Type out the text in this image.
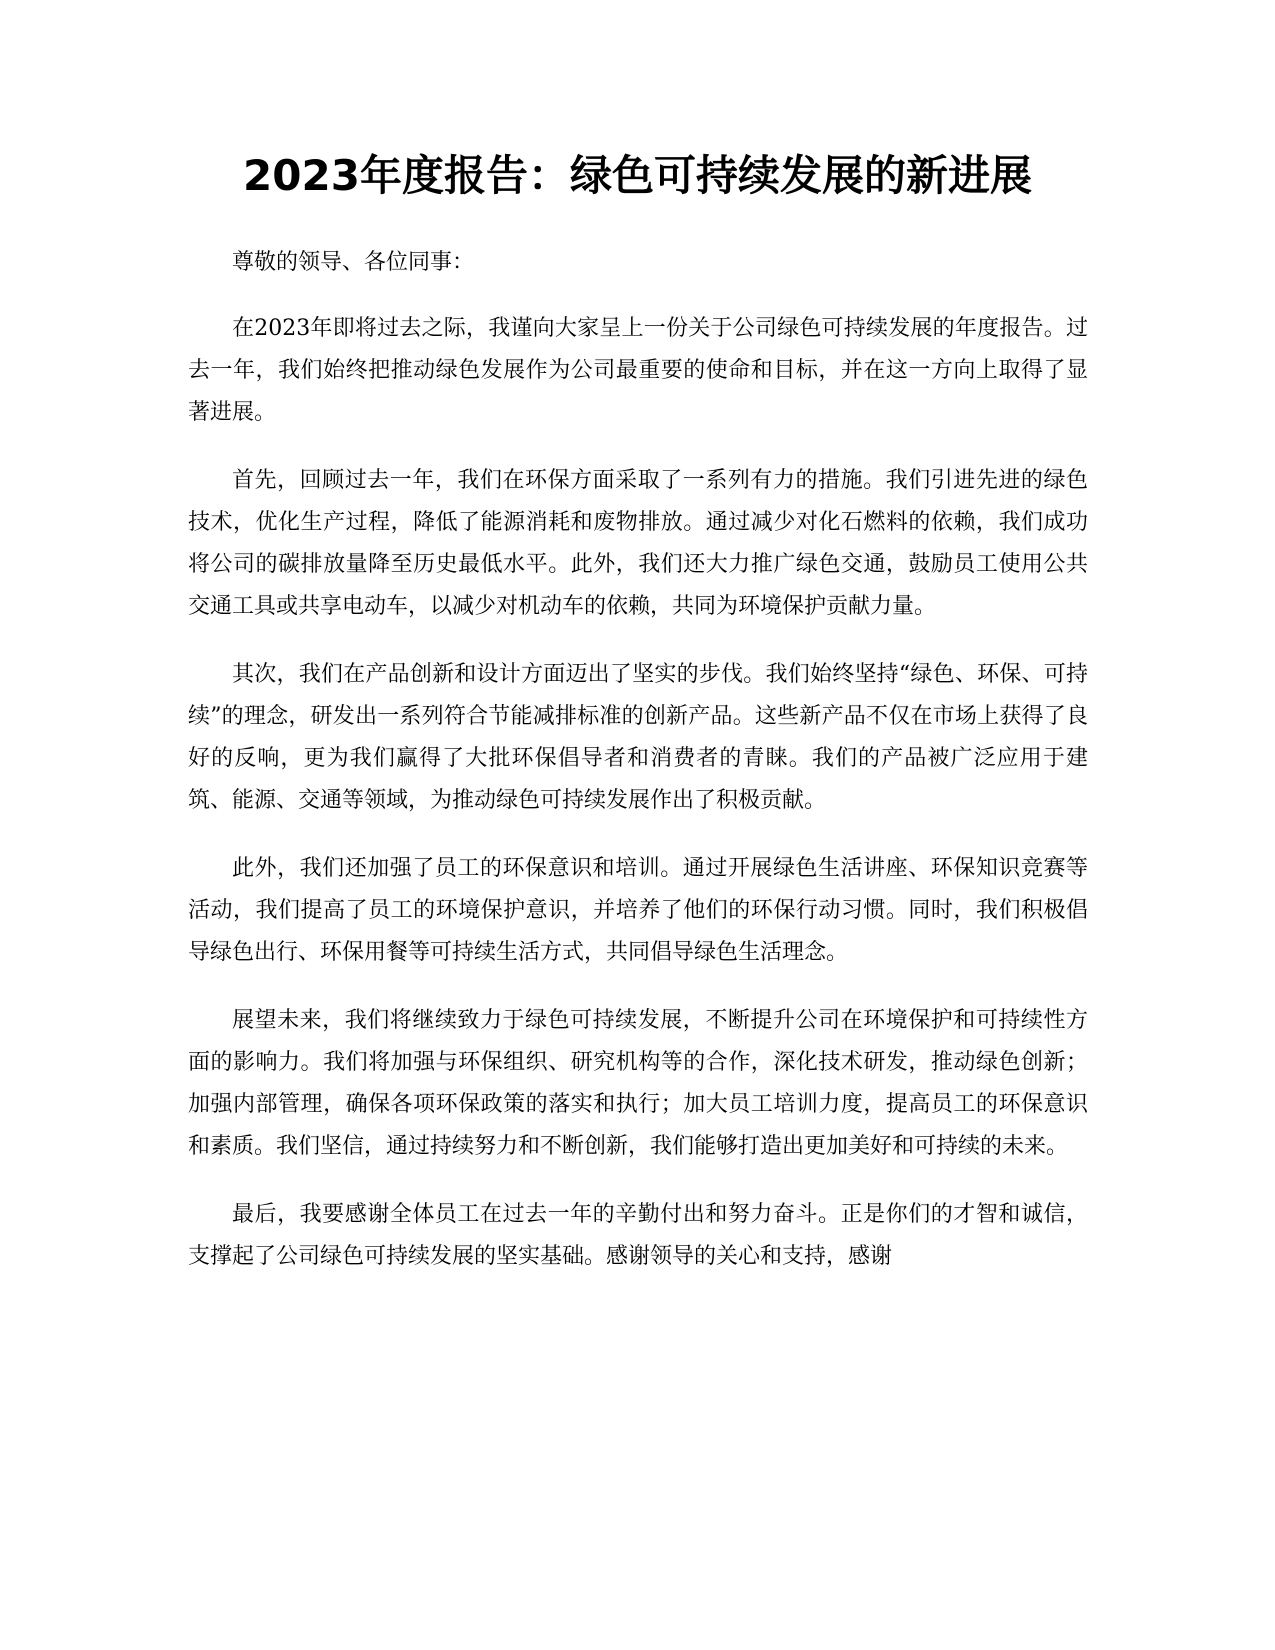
2023年度报告：绿色可持续发展的新进展

尊敬的领导、各位同事：

在2023年即将过去之际，我谨向大家呈上一份关于公司绿色可持续发展的年度报告。过去一年，我们始终把推动绿色发展作为公司最重要的使命和目标，并在这一方向上取得了显著进展。

首先，回顾过去一年，我们在环保方面采取了一系列有力的措施。我们引进先进的绿色技术，优化生产过程，降低了能源消耗和废物排放。通过减少对化石燃料的依赖，我们成功将公司的碳排放量降至历史最低水平。此外，我们还大力推广绿色交通，鼓励员工使用公共交通工具或共享电动车，以减少对机动车的依赖，共同为环境保护贡献力量。

其次，我们在产品创新和设计方面迈出了坚实的步伐。我们始终坚持“绿色、环保、可持续”的理念，研发出一系列符合节能减排标准的创新产品。这些新产品不仅在市场上获得了良好的反响，更为我们赢得了大批环保倡导者和消费者的青睐。我们的产品被广泛应用于建筑、能源、交通等领域，为推动绿色可持续发展作出了积极贡献。

此外，我们还加强了员工的环保意识和培训。通过开展绿色生活讲座、环保知识竞赛等活动，我们提高了员工的环境保护意识，并培养了他们的环保行动习惯。同时，我们积极倡导绿色出行、环保用餐等可持续生活方式，共同倡导绿色生活理念。

展望未来，我们将继续致力于绿色可持续发展，不断提升公司在环境保护和可持续性方面的影响力。我们将加强与环保组织、研究机构等的合作，深化技术研发，推动绿色创新；加强内部管理，确保各项环保政策的落实和执行；加大员工培训力度，提高员工的环保意识和素质。我们坚信，通过持续努力和不断创新，我们能够打造出更加美好和可持续的未来。

最后，我要感谢全体员工在过去一年的辛勤付出和努力奋斗。正是你们的才智和诚信，支撑起了公司绿色可持续发展的坚实基础。感谢领导的关心和支持，感谢
